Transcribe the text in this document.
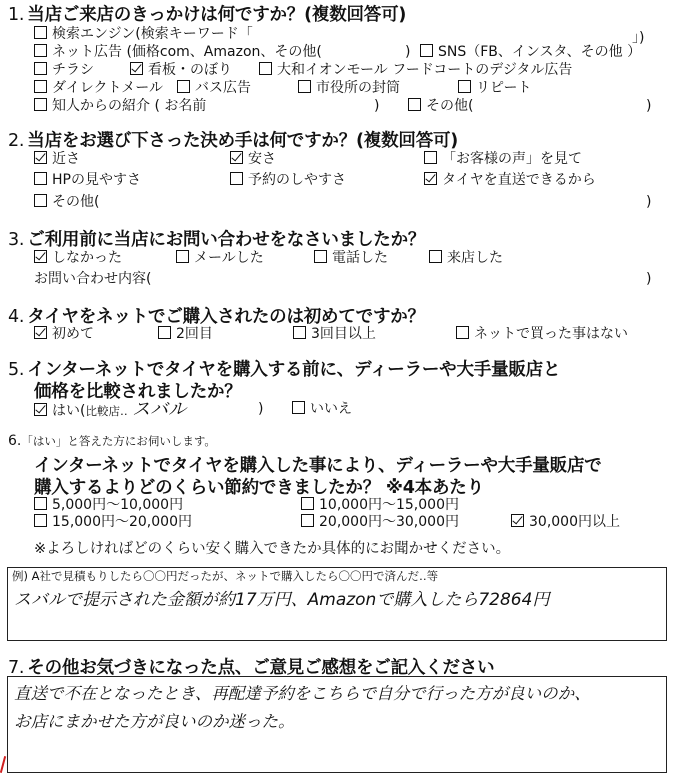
1. 当店ご来店のきっかけは何ですか？(複数回答可)
検索エンジン(検索キーワード「	」)
ネット広告 (価格com、Amazon、その他(	)	SNS（FB、インスタ、その他 ）
チラシ	看板・のぼり	大和イオンモール フードコートのデジタル広告
ダイレクトメール	バス広告	市役所の封筒	リピート
知人からの紹介 ( お名前	)	その他(	)
2. 当店をお選び下さった決め手は何ですか？(複数回答可)
近さ	安さ	「お客様の声」を見て
HPの見やすさ	予約のしやすさ	タイヤを直送できるから
その他(	)
3. ご利用前に当店にお問い合わせをなさいましたか？
しなかった	メールした	電話した	来店した
お問い合わせ内容(	)
4. タイヤをネットでご購入されたのは初めてですか？
初めて	2回目	3回目以上	ネットで買った事はない
5. インターネットでタイヤを購入する前に、ディーラーや大手量販店と
価格を比較されましたか？
はい(比較店‥ スバル	)	いいえ
6.「はい」と答えた方にお伺いします。
インターネットでタイヤを購入した事により、ディーラーや大手量販店で
購入するよりどのくらい節約できましたか？ ※4本あたり
5,000円〜10,000円	10,000円〜15,000円
15,000円〜20,000円	20,000円〜30,000円	30,000円以上
※よろしければどのくらい安く購入できたか具体的にお聞かせください。
例) A社で見積もりしたら〇〇円だったが、ネットで購入したら〇〇円で済んだ‥等
スバルで提示された金額が約17万円、Amazonで購入したら72864円
7. その他お気づきになった点、ご意見ご感想をご記入ください
直送で不在となったとき、再配達予約をこちらで自分で行った方が良いのか、
お店にまかせた方が良いのか迷った。
